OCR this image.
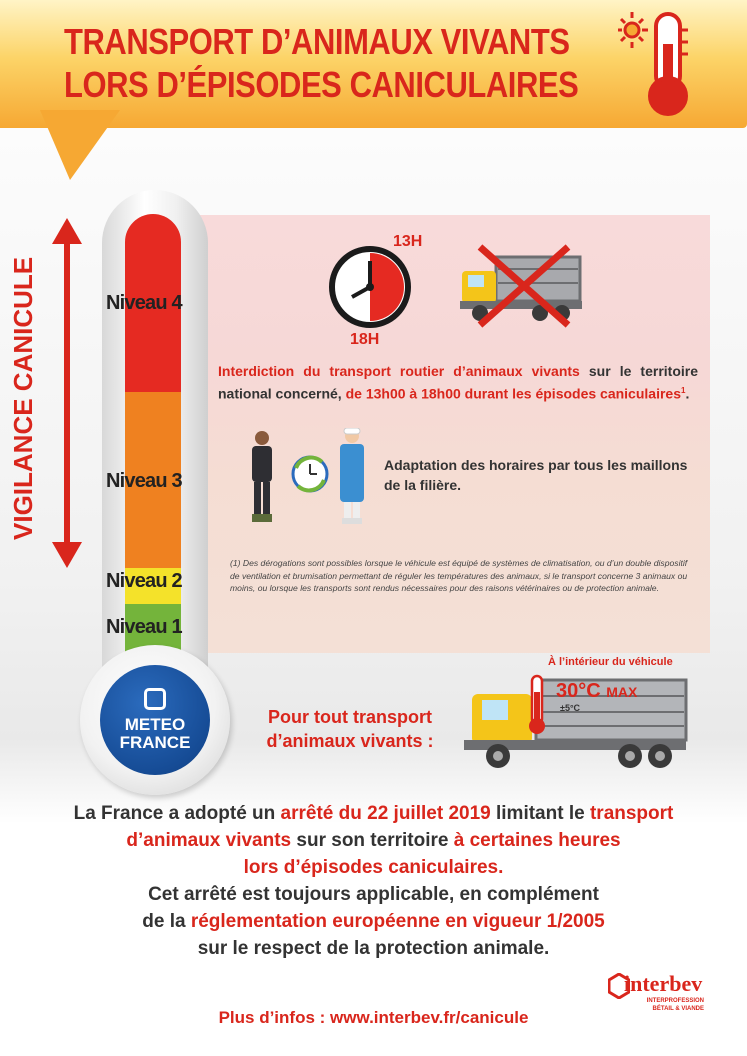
TRANSPORT D’ANIMAUX VIVANTS
LORS D’ÉPISODES CANICULAIRES
VIGILANCE CANICULE
METEO
FRANCE
Niveau 4
Niveau 3
Niveau 2
Niveau 1
13H
18H
Interdiction du transport routier d’animaux vivants sur le territoire national concerné, de 13h00 à 18h00 durant les épisodes caniculaires$^1$.
Adaptation des horaires par tous les maillons de la filière.
(1) Des dérogations sont possibles lorsque le véhicule est équipé de systèmes de climatisation, ou d’un double dispositif de ventilation et brumisation permettant de réguler les températures des animaux, si le transport concerne 3 animaux ou moins, ou lorsque les transports sont rendus nécessaires pour des raisons vétérinaires ou de protection animale.
À l’intérieur du véhicule
30°C MAX
±5°C
Pour tout transport
d’animaux vivants :

La France a adopté un arrêté du 22 juillet 2019 limitant le transport

d’animaux vivants sur son territoire à certaines heures

lors d’épisodes caniculaires.

Cet arrêté est toujours applicable, en complément

de la réglementation européenne en vigueur 1/2005

sur le respect de la protection animale.

Plus d’infos : www.interbev.fr/canicule
interbev
INTERPROFESSION
BÉTAIL & VIANDE
